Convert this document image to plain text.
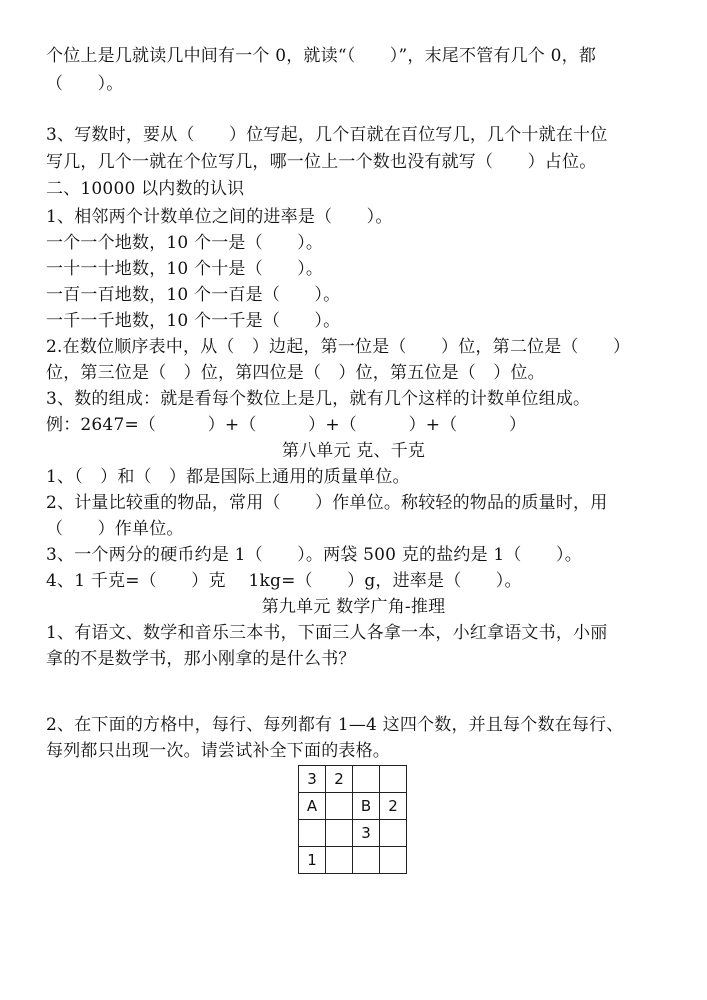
个位上是几就读几中间有一个 0，就读“（　　）”，末尾不管有几个 0，都
（　　）。
3、写数时，要从（　　）位写起，几个百就在百位写几，几个十就在十位
写几，几个一就在个位写几，哪一位上一个数也没有就写（　　）占位。
二、10000 以内数的认识
1、相邻两个计数单位之间的进率是（　　）。
一个一个地数，10 个一是（　　）。
一十一十地数，10 个十是（　　）。
一百一百地数，10 个一百是（　　）。
一千一千地数，10 个一千是（　　）。
2.在数位顺序表中，从（　）边起，第一位是（　　）位，第二位是（　　）
位，第三位是（　）位，第四位是（　）位，第五位是（　）位。
3、数的组成：就是看每个数位上是几，就有几个这样的计数单位组成。
例：2647=（　　　）+（　　　）+（　　　）+（　　　）
第八单元 克、千克
1、（　）和（　）都是国际上通用的质量单位。
2、计量比较重的物品，常用（　　）作单位。称较轻的物品的质量时，用
（　　）作单位。
3、一个两分的硬币约是 1（　　）。两袋 500 克的盐约是 1（　　）。
4、1 千克=（　　）克　 1kg=（　　）g，进率是（　　）。
第九单元 数学广角-推理
1、有语文、数学和音乐三本书，下面三人各拿一本，小红拿语文书，小丽
拿的不是数学书，那小刚拿的是什么书？
2、在下面的方格中，每行、每列都有 1—4 这四个数，并且每个数在每行、
每列都只出现一次。请尝试补全下面的表格。
3	2		
A		B	2
		3	
1			
